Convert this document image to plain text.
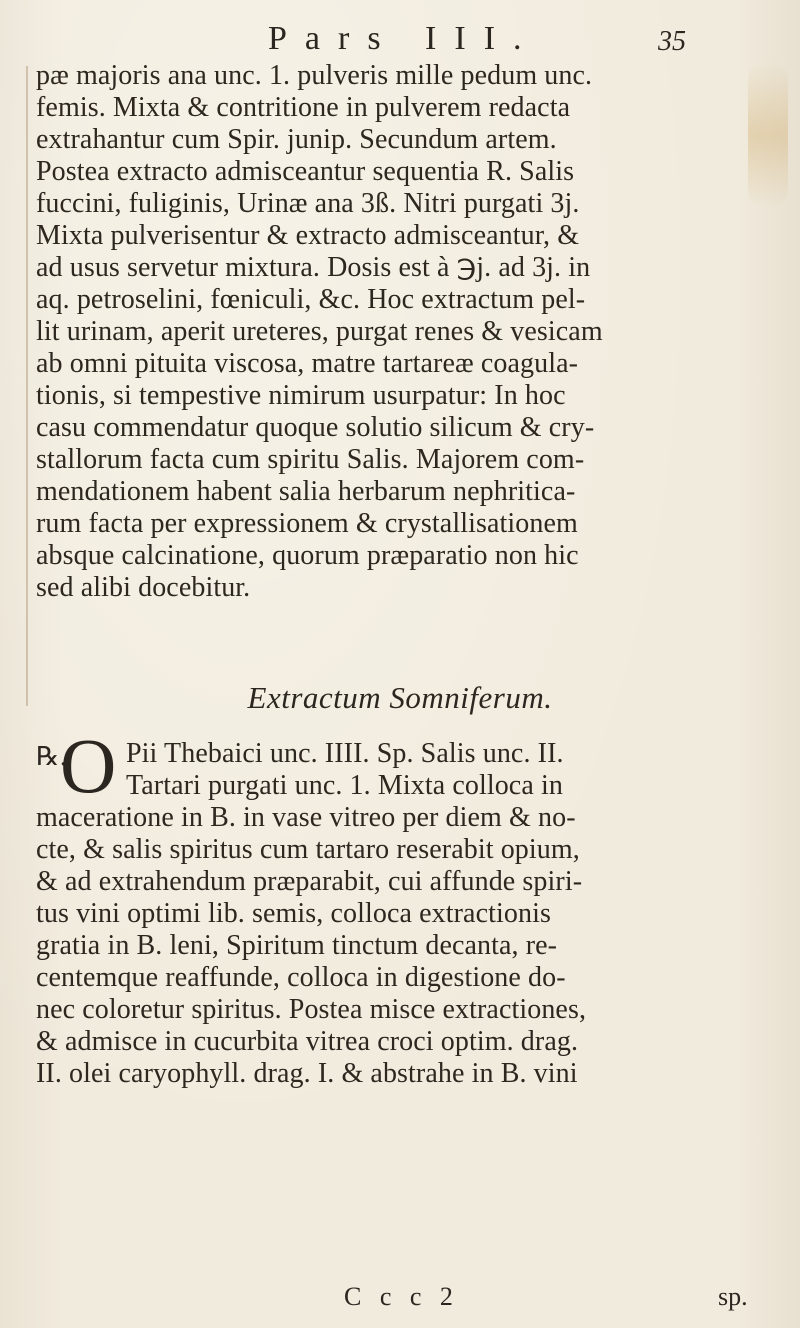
Pars III.	35
pæ majoris ana unc. 1. pulveris mille pedum unc.
femis. Mixta & contritione in pulverem redacta
extrahantur cum Spir. junip. Secundum artem.
Postea extracto admisceantur sequentia R. Salis
fuccini, fuliginis, Urinæ ana 3ß. Nitri purgati 3j.
Mixta pulverisentur & extracto admisceantur, &
ad usus servetur mixtura. Dosis est à ℈j. ad 3j. in
aq. petroselini, fœniculi, &c. Hoc extractum pel-
lit urinam, aperit ureteres, purgat renes & vesicam
ab omni pituita viscosa, matre tartareæ coagula-
tionis, si tempestive nimirum usurpatur: In hoc
casu commendatur quoque solutio silicum & cry-
stallorum facta cum spiritu Salis. Majorem com-
mendationem habent salia herbarum nephritica-
rum facta per expressionem & crystallisationem
absque calcinatione, quorum præparatio non hic
sed alibi docebitur.
Extractum Somniferum.
℞.
O Pii Thebaici unc. IIII. Sp. Salis unc. II.
Tartari purgati unc. 1. Mixta colloca in
maceratione in B. in vase vitreo per diem & no-
cte, & salis spiritus cum tartaro reserabit opium,
& ad extrahendum præparabit, cui affunde spiri-
tus vini optimi lib. semis, colloca extractionis
gratia in B. leni, Spiritum tinctum decanta, re-
centemque reaffunde, colloca in digestione do-
nec coloretur spiritus. Postea misce extractiones,
& admisce in cucurbita vitrea croci optim. drag.
II. olei caryophyll. drag. I. & abstrahe in B. vini
C c c 2	sp.
